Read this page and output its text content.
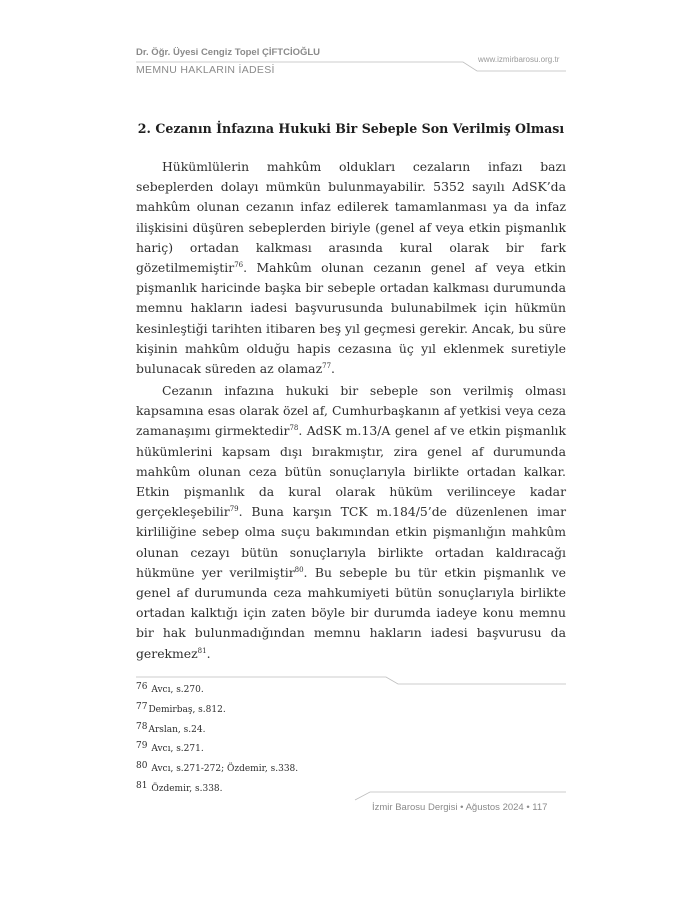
Dr. Öğr. Üyesi Cengiz Topel ÇİFTCİOĞLU
MEMNU HAKLARIN İADESİ
www.izmirbarosu.org.tr
2. Cezanın İnfazına Hukuki Bir Sebeple Son Verilmiş Olması

Hükümlülerin mahkûm oldukları cezaların infazı bazı sebeplerden dolayı mümkün bulunmayabilir. 5352 sayılı AdSK’da mahkûm olunan cezanın infaz edilerek tamamlanması ya da infaz ilişkisini düşüren sebeplerden biriyle (genel af veya etkin pişmanlık hariç) ortadan kalkması arasında kural olarak bir fark gözetilmemiştir$^{76}$. Mahkûm olunan cezanın genel af veya etkin pişmanlık haricinde başka bir sebeple ortadan kalkması durumunda memnu hakların iadesi başvurusunda bulunabilmek için hükmün kesinleştiği tarihten itibaren beş yıl geçmesi gerekir. Ancak, bu süre kişinin mahkûm olduğu hapis cezasına üç yıl eklenmek suretiyle bulunacak süreden az olamaz$^{77}$.

Cezanın infazına hukuki bir sebeple son verilmiş olması kapsamına esas olarak özel af, Cumhurbaşkanın af yetkisi veya ceza zamanaşımı girmektedir$^{78}$. AdSK m.13/A genel af ve etkin pişmanlık hükümlerini kapsam dışı bırakmıştır, zira genel af durumunda mahkûm olunan ceza bütün sonuçlarıyla birlikte ortadan kalkar. Etkin pişmanlık da kural olarak hüküm verilinceye kadar gerçekleşebilir$^{79}$. Buna karşın TCK m.184/5’de düzenlenen imar kirliliğine sebep olma suçu bakımından etkin pişmanlığın mahkûm olunan cezayı bütün sonuçlarıyla birlikte ortadan kaldıracağı hükmüne yer verilmiştir$^{80}$. Bu sebeple bu tür etkin pişmanlık ve genel af durumunda ceza mahkumiyeti bütün sonuçlarıyla birlikte ortadan kalktığı için zaten böyle bir durumda iadeye konu memnu bir hak bulunmadığından memnu hakların iadesi başvurusu da gerekmez$^{81}$.

76 Avcı, s.270.
77Demirbaş, s.812.
78Arslan, s.24.
79 Avcı, s.271.
80 Avcı, s.271-272; Özdemir, s.338.
81 Özdemir, s.338.
İzmir Barosu Dergisi • Ağustos 2024 • 117
